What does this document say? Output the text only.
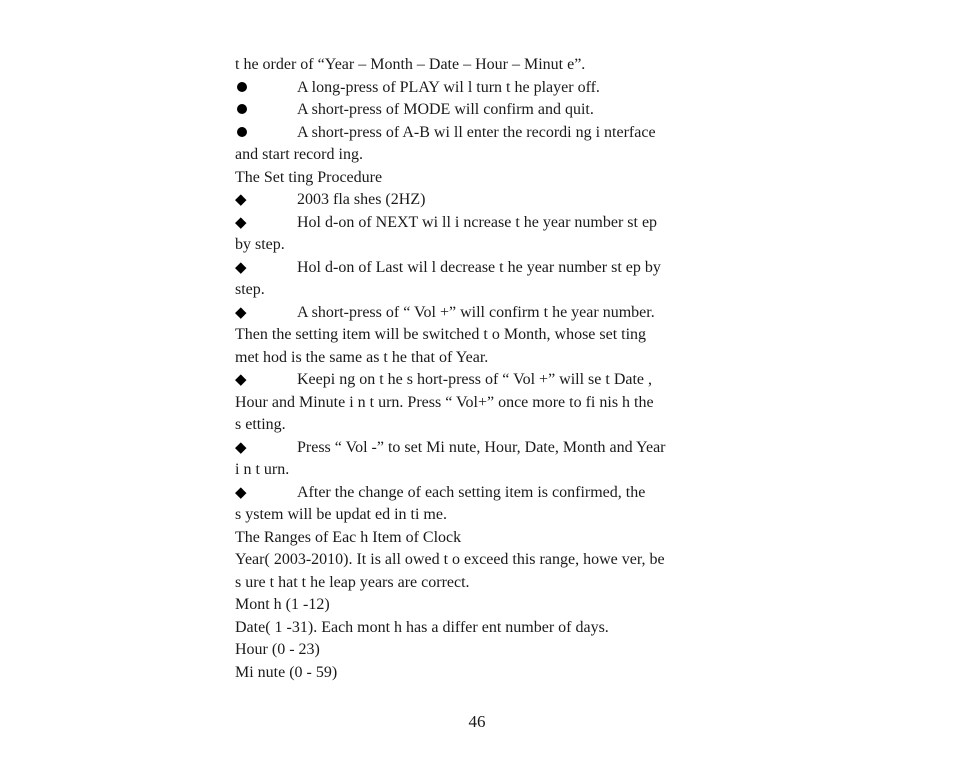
t he order of “Year – Month – Date – Hour – Minut e”.
A long-press of PLAY wil l turn t he player off.
A short-press of MODE will confirm and quit.
A short-press of A-B wi ll enter the recordi ng i nterface
and start record ing.
The Set ting Procedure
◆	2003 fla shes (2HZ)
◆	Hol d-on of NEXT wi ll i ncrease t he year number st ep
by step.
◆	Hol d-on of Last wil l decrease t he year number st ep by
step.
◆	A short-press of “ Vol +” will confirm t he year number.
Then the setting item will be switched t o Month, whose set ting
met hod is the same as t he that of Year.
◆	Keepi ng on t he s hort-press of “ Vol +” will se t Date ,
Hour and Minute i n t urn. Press “ Vol+” once more to fi nis h the
s etting.
◆	Press “ Vol -” to set Mi nute, Hour, Date, Month and Year
i n t urn.
◆	After the change of each setting item is confirmed, the
s ystem will be updat ed in ti me.
The Ranges of Eac h Item of Clock
Year( 2003-2010). It is all owed t o exceed this range, howe ver, be
s ure t hat t he leap years are correct.
Mont h (1 -12)
Date( 1 -31). Each mont h has a differ ent number of days.
Hour (0 - 23)
Mi nute (0 - 59)
46
